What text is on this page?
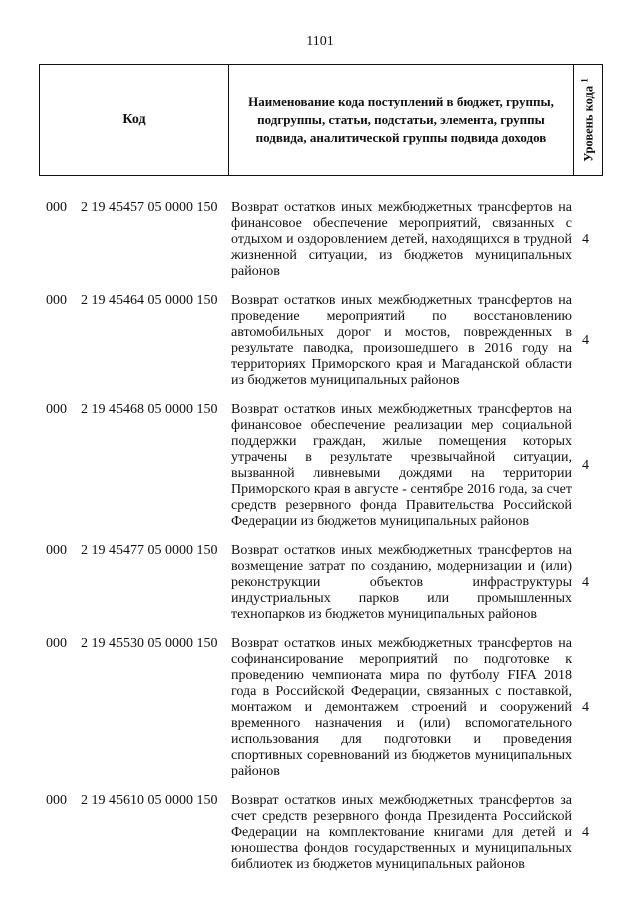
1101
Код
Наименование кода поступлений в бюджет, группы, подгруппы, статьи, подстатьи, элемента, группы подвида, аналитической группы подвида доходов	Уровень кода $^1$
000	2 19 45457 05 0000 150 Возврат остатков иных межбюджетных трансфертов на финансовое обеспечение мероприятий, связанных с отдыхом и оздоровлением детей, находящихся в трудной жизненной ситуации, из бюджетов муниципальных районов
4
000	2 19 45464 05 0000 150 Возврат остатков иных межбюджетных трансфертов на проведение мероприятий по восстановлению автомобильных дорог и мостов, поврежденных в результате паводка, произошедшего в 2016 году на территориях Приморского края и Магаданской области из бюджетов муниципальных районов
4
000	2 19 45468 05 0000 150 Возврат остатков иных межбюджетных трансфертов на финансовое обеспечение реализации мер социальной поддержки граждан, жилые помещения которых утрачены в результате чрезвычайной ситуации, вызванной ливневыми дождями на территории Приморского края в августе - сентябре 2016 года, за счет средств резервного фонда Правительства Российской Федерации из бюджетов муниципальных районов
4
000	2 19 45477 05 0000 150 Возврат остатков иных межбюджетных трансфертов на возмещение затрат по созданию, модернизации и (или) реконструкции объектов инфраструктуры индустриальных парков или промышленных технопарков из бюджетов муниципальных районов
4
000	2 19 45530 05 0000 150 Возврат остатков иных межбюджетных трансфертов на софинансирование мероприятий по подготовке к проведению чемпионата мира по футболу FIFA 2018 года в Российской Федерации, связанных с поставкой, монтажом и демонтажем строений и сооружений временного назначения и (или) вспомогательного использования для подготовки и проведения спортивных соревнований из бюджетов муниципальных районов
4
000	2 19 45610 05 0000 150 Возврат остатков иных межбюджетных трансфертов за счет средств резервного фонда Президента Российской Федерации на комплектование книгами для детей и юношества фондов государственных и муниципальных библиотек из бюджетов муниципальных районов
4
